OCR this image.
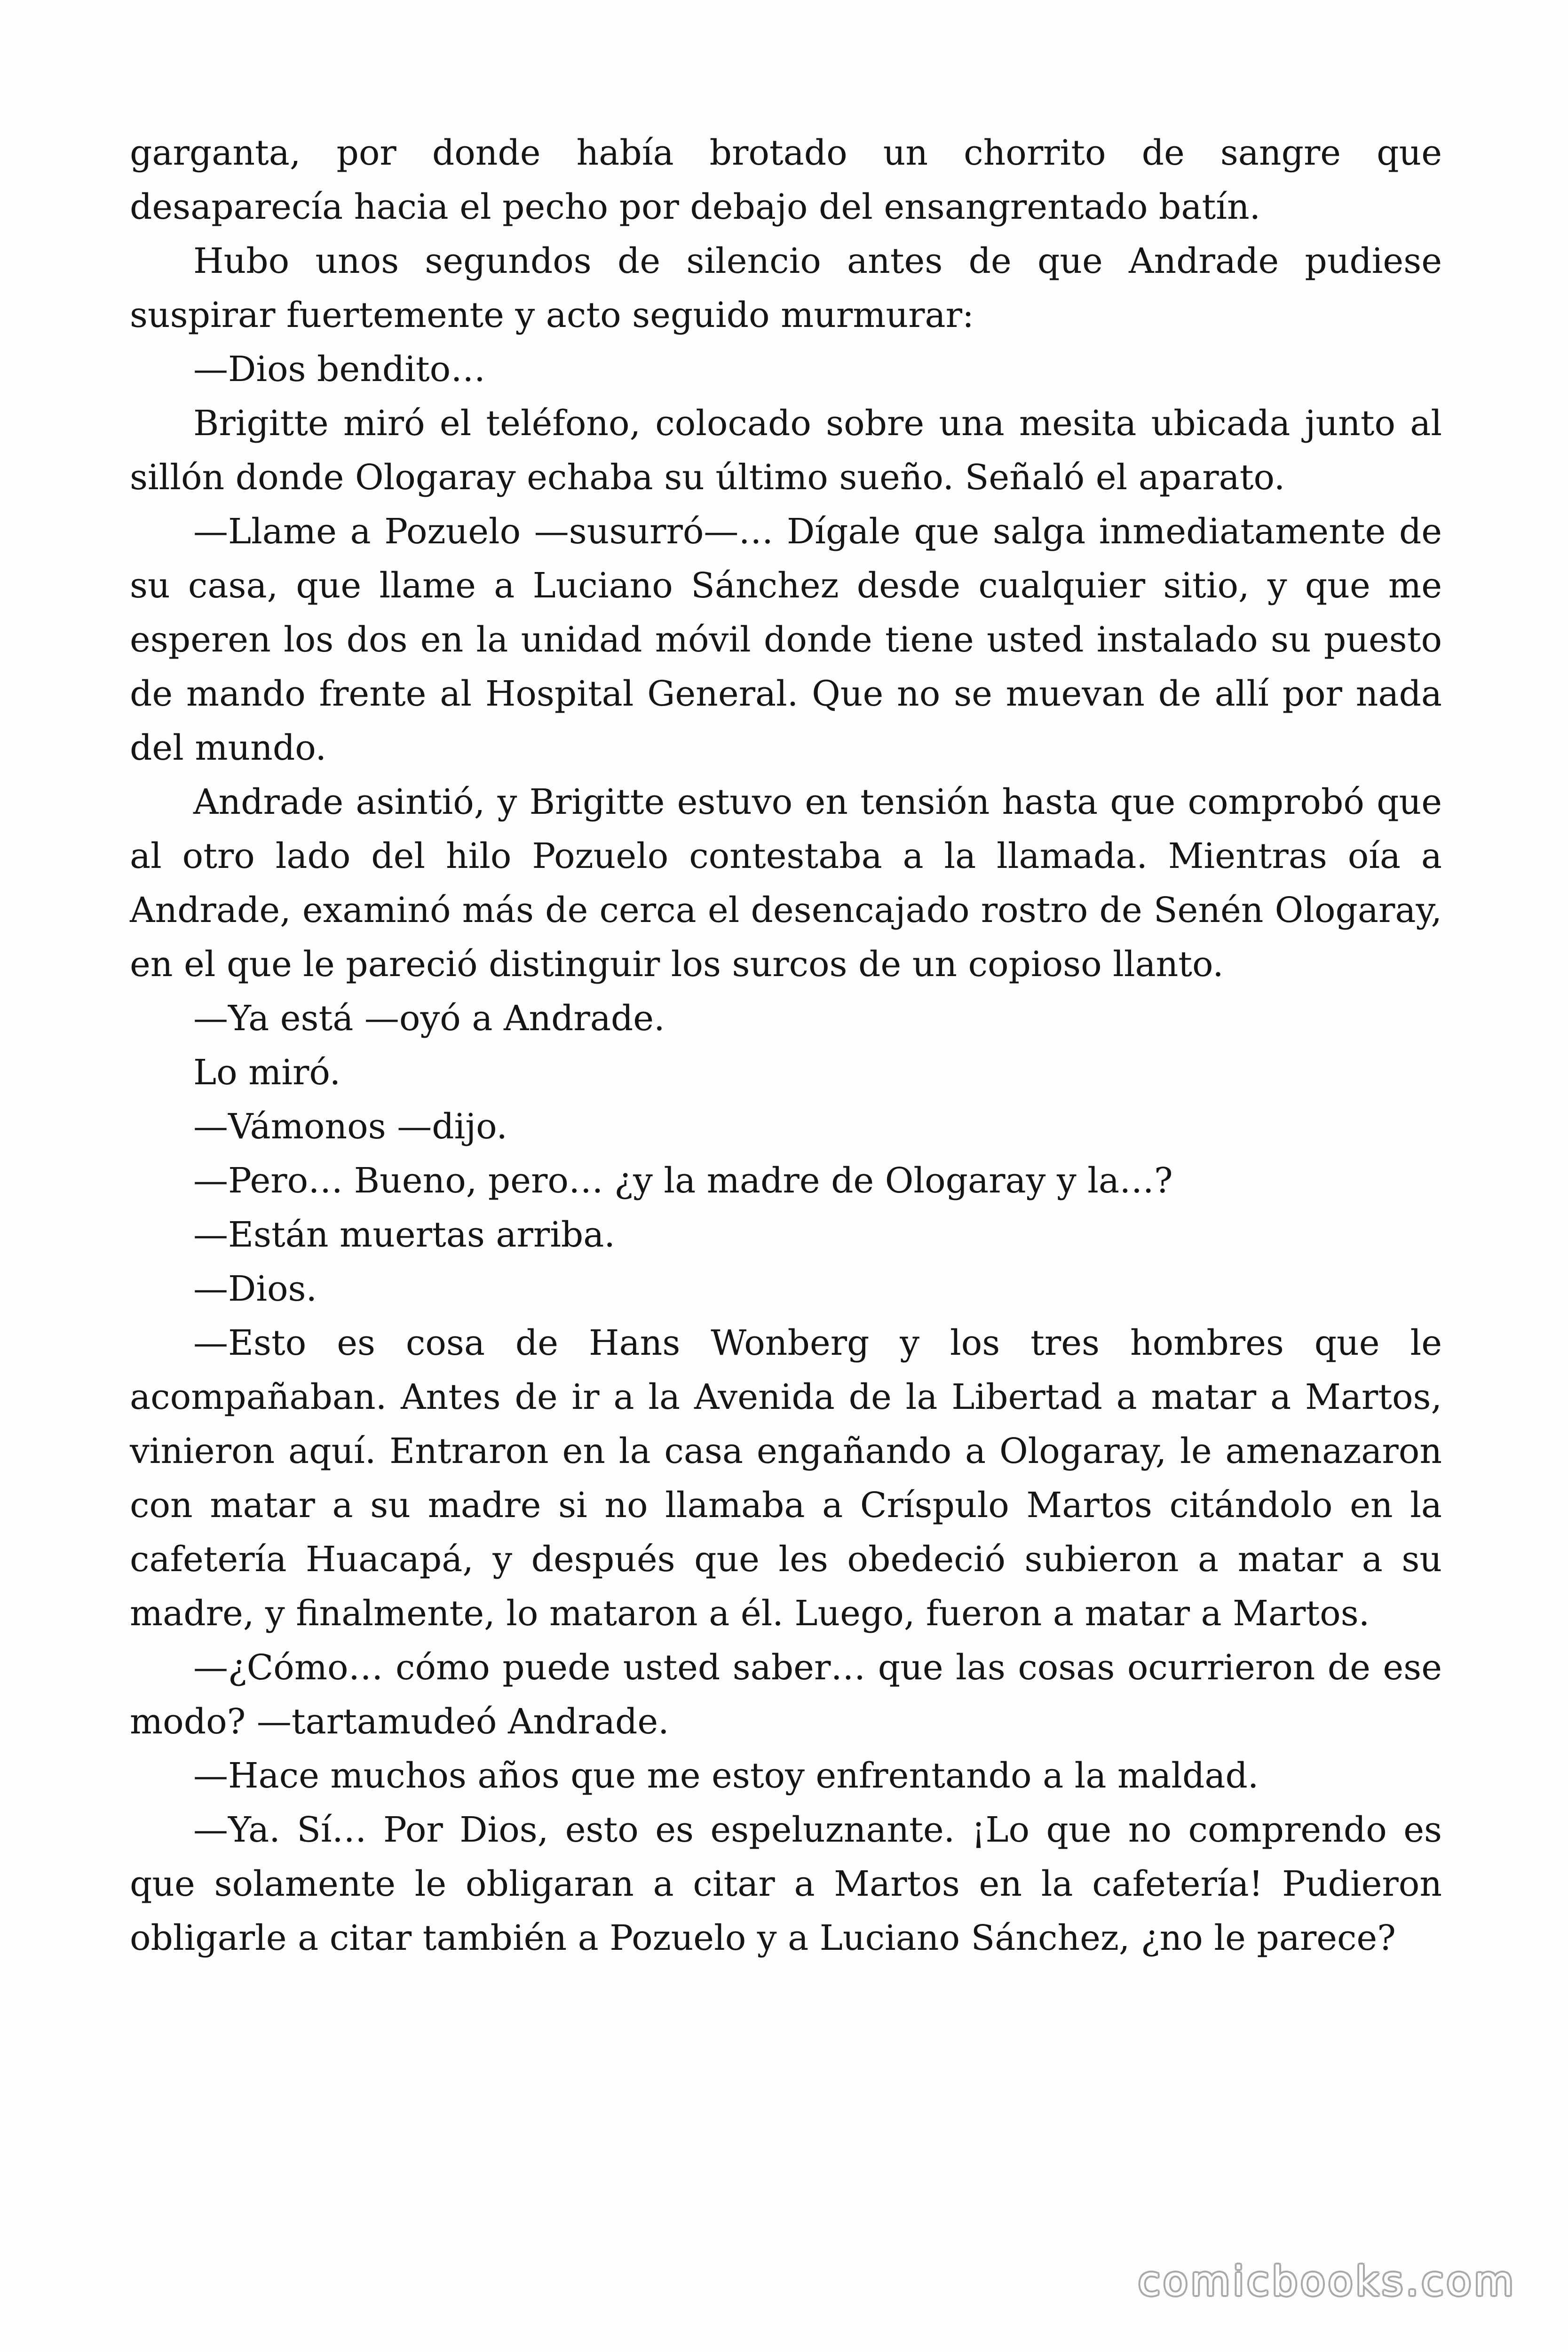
garganta, por donde había brotado un chorrito de sangre que desaparecía hacia el pecho por debajo del ensangrentado batín.

Hubo unos segundos de silencio antes de que Andrade pudiese suspirar fuertemente y acto seguido murmurar:

—Dios bendito…

Brigitte miró el teléfono, colocado sobre una mesita ubicada junto al sillón donde Ologaray echaba su último sueño. Señaló el aparato.

—Llame a Pozuelo —susurró—… Dígale que salga inmediatamente de su casa, que llame a Luciano Sánchez desde cualquier sitio, y que me esperen los dos en la unidad móvil donde tiene usted instalado su puesto de mando frente al Hospital General. Que no se muevan de allí por nada del mundo.

Andrade asintió, y Brigitte estuvo en tensión hasta que comprobó que al otro lado del hilo Pozuelo contestaba a la llamada. Mientras oía a Andrade, examinó más de cerca el desencajado rostro de Senén Ologaray, en el que le pareció distinguir los surcos de un copioso llanto.

—Ya está —oyó a Andrade.

Lo miró.

—Vámonos —dijo.

—Pero… Bueno, pero… ¿y la madre de Ologaray y la…?

—Están muertas arriba.

—Dios.

—Esto es cosa de Hans Wonberg y los tres hombres que le acompañaban. Antes de ir a la Avenida de la Libertad a matar a Martos, vinieron aquí. Entraron en la casa engañando a Ologaray, le amenazaron con matar a su madre si no llamaba a Críspulo Martos citándolo en la cafetería Huacapá, y después que les obedeció subieron a matar a su madre, y finalmente, lo mataron a él. Luego, fueron a matar a Martos.

—¿Cómo… cómo puede usted saber… que las cosas ocurrieron de ese modo? —tartamudeó Andrade.

—Hace muchos años que me estoy enfrentando a la maldad.

—Ya. Sí… Por Dios, esto es espeluznante. ¡Lo que no comprendo es que solamente le obligaran a citar a Martos en la cafetería! Pudieron obligarle a citar también a Pozuelo y a Luciano Sánchez, ¿no le parece?

comicbooks.com
